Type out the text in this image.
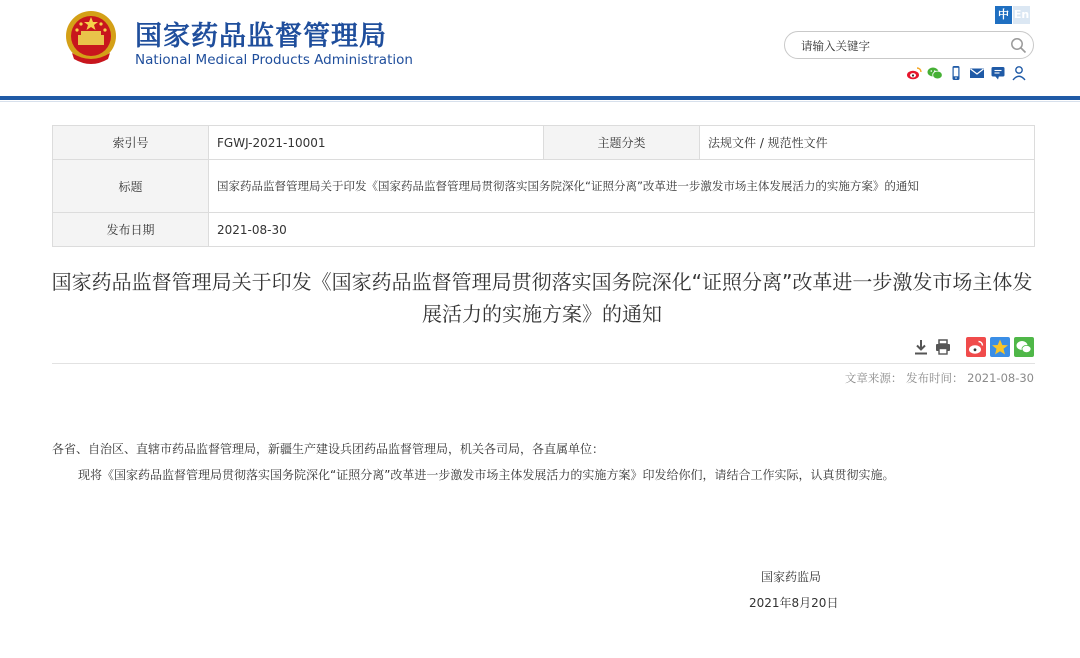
国家药品监督管理局
National Medical Products Administration
中 En
请输入关键字
索引号	FGWJ-2021-10001	主题分类	法规文件 / 规范性文件
标题	国家药品监督管理局关于印发《国家药品监督管理局贯彻落实国务院深化“证照分离”改革进一步激发市场主体发展活力的实施方案》的通知		
发布日期	2021-08-30		
国家药品监督管理局关于印发《国家药品监督管理局贯彻落实国务院深化“证照分离”改革进一步激发市场主体发展活力的实施方案》的通知
文章来源： 发布时间： 2021-08-30
各省、自治区、直辖市药品监督管理局，新疆生产建设兵团药品监督管理局，机关各司局，各直属单位：
现将《国家药品监督管理局贯彻落实国务院深化“证照分离”改革进一步激发市场主体发展活力的实施方案》印发给你们，请结合工作实际，认真贯彻实施。
国家药监局
2021年8月20日
